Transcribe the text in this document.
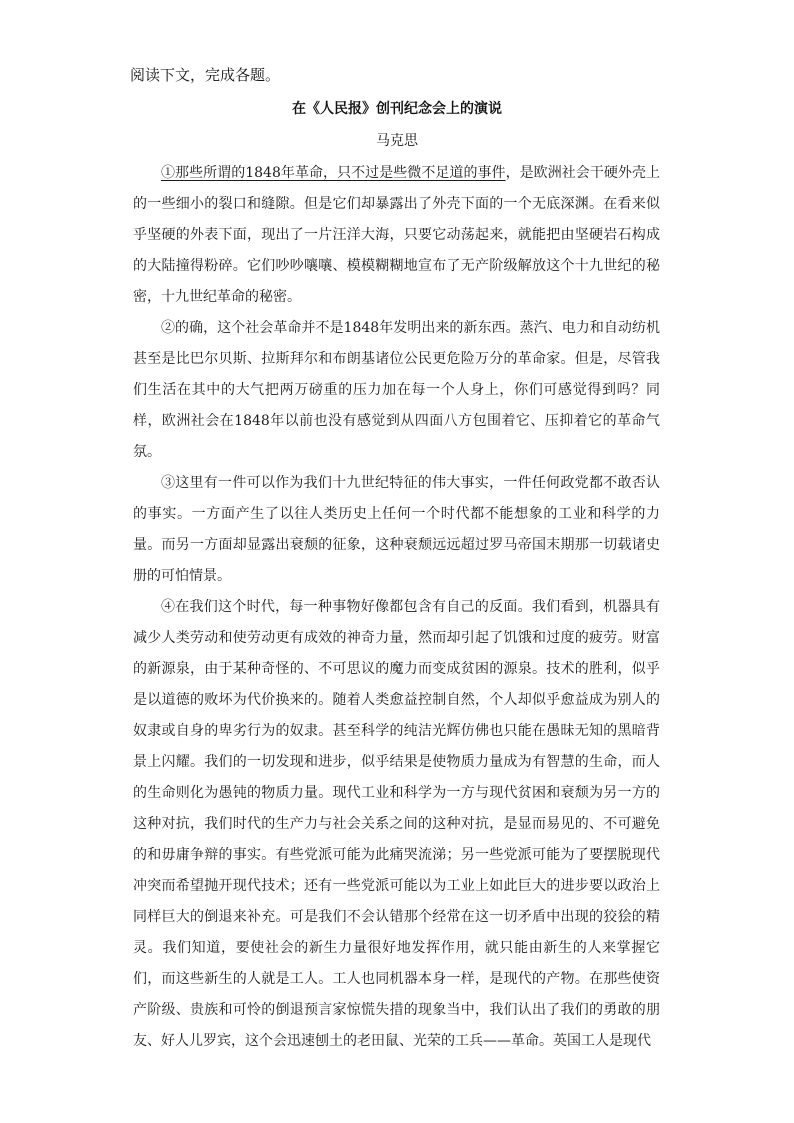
阅读下文，完成各题。
在《人民报》创刊纪念会上的演说
马克思

①那些所谓的1848年革命，只不过是些微不足道的事件，是欧洲社会干硬外壳上的一些细小的裂口和缝隙。但是它们却暴露出了外壳下面的一个无底深渊。在看来似乎坚硬的外表下面，现出了一片汪洋大海，只要它动荡起来，就能把由坚硬岩石构成的大陆撞得粉碎。它们吵吵嚷嚷、模模糊糊地宣布了无产阶级解放这个十九世纪的秘密，十九世纪革命的秘密。

②的确，这个社会革命并不是1848年发明出来的新东西。蒸汽、电力和自动纺机甚至是比巴尔贝斯、拉斯拜尔和布朗基诸位公民更危险万分的革命家。但是，尽管我们生活在其中的大气把两万磅重的压力加在每一个人身上，你们可感觉得到吗？同样，欧洲社会在1848年以前也没有感觉到从四面八方包围着它、压抑着它的革命气氛。

③这里有一件可以作为我们十九世纪特征的伟大事实，一件任何政党都不敢否认的事实。一方面产生了以往人类历史上任何一个时代都不能想象的工业和科学的力量。而另一方面却显露出衰颓的征象，这种衰颓远远超过罗马帝国末期那一切载诸史册的可怕情景。

④在我们这个时代，每一种事物好像都包含有自己的反面。我们看到，机器具有减少人类劳动和使劳动更有成效的神奇力量，然而却引起了饥饿和过度的疲劳。财富的新源泉，由于某种奇怪的、不可思议的魔力而变成贫困的源泉。技术的胜利，似乎是以道德的败坏为代价换来的。随着人类愈益控制自然，个人却似乎愈益成为别人的奴隶或自身的卑劣行为的奴隶。甚至科学的纯洁光辉仿佛也只能在愚昧无知的黑暗背景上闪耀。我们的一切发现和进步，似乎结果是使物质力量成为有智慧的生命，而人的生命则化为愚钝的物质力量。现代工业和科学为一方与现代贫困和衰颓为另一方的这种对抗，我们时代的生产力与社会关系之间的这种对抗，是显而易见的、不可避免的和毋庸争辩的事实。有些党派可能为此痛哭流涕；另一些党派可能为了要摆脱现代冲突而希望抛开现代技术；还有一些党派可能以为工业上如此巨大的进步要以政治上同样巨大的倒退来补充。可是我们不会认错那个经常在这一切矛盾中出现的狡狯的精灵。我们知道，要使社会的新生力量很好地发挥作用，就只能由新生的人来掌握它们，而这些新生的人就是工人。工人也同机器本身一样，是现代的产物。在那些使资产阶级、贵族和可怜的倒退预言家惊慌失措的现象当中，我们认出了我们的勇敢的朋友、好人儿罗宾，这个会迅速刨土的老田鼠、光荣的工兵——革命。英国工人是现代
